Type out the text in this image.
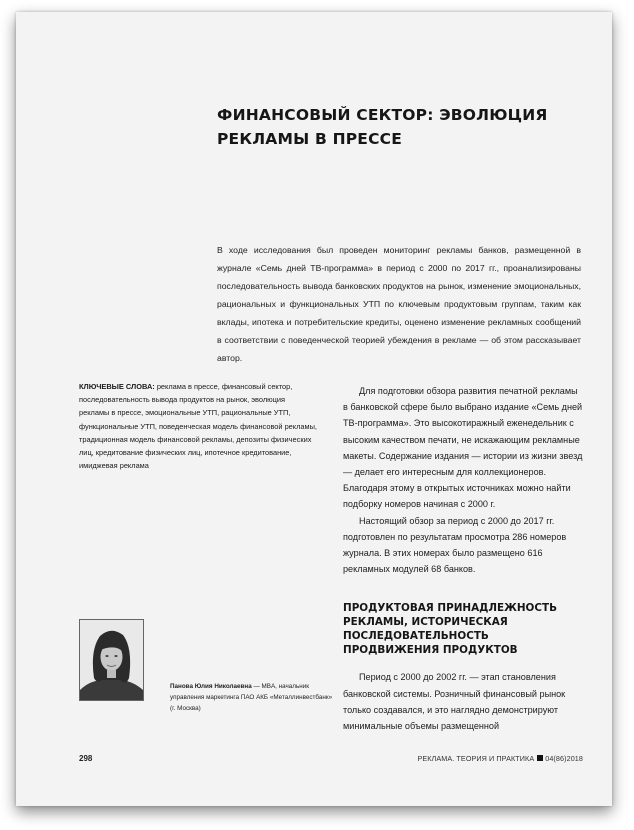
ФИНАНСОВЫЙ СЕКТОР: ЭВОЛЮЦИЯ РЕКЛАМЫ В ПРЕССЕ
В ходе исследования был проведен мониторинг рекламы банков, размещенной в журнале «Семь дней ТВ-программа» в период с 2000 по 2017 гг., проанализированы последовательность вывода банковских продуктов на рынок, изменение эмоциональных, рациональных и функциональных УТП по ключевым продуктовым группам, таким как вклады, ипотека и потребительские кредиты, оценено изменение рекламных сообщений в соответствии с поведенческой теорией убеждения в рекламе — об этом рассказывает автор.
КЛЮЧЕВЫЕ СЛОВА: реклама в прессе, финансовый сектор, последовательность вывода продуктов на рынок, эволюция рекламы в прессе, эмоциональные УТП, рациональные УТП, функциональные УТП, поведенческая модель финансовой рекламы, традиционная модель финансовой рекламы, депозиты физических лиц, кредитование физических лиц, ипотечное кредитование, имиджевая реклама

Для подготовки обзора развития печатной рекламы в банковской сфере было выбрано издание «Семь дней ТВ-программа». Это высокотиражный еженедельник с высоким качеством печати, не искажающим рекламные макеты. Содержание издания — истории из жизни звезд — делает его интересным для коллекционеров. Благодаря этому в открытых источниках можно найти подборку номеров начиная с 2000 г.

Настоящий обзор за период с 2000 до 2017 гг. подготовлен по результатам просмотра 286 номеров журнала. В этих номерах было размещено 616 рекламных модулей 68 банков.

ПРОДУКТОВАЯ ПРИНАДЛЕЖНОСТЬ РЕКЛАМЫ, ИСТОРИЧЕСКАЯ ПОСЛЕДОВАТЕЛЬНОСТЬ ПРОДВИЖЕНИЯ ПРОДУКТОВ

Период с 2000 до 2002 гг. — этап становления банковской системы. Розничный финансовый рынок только создавался, и это наглядно демонстрируют минимальные объемы размещенной

Панова Юлия Николаевна — MBA, начальник управления маркетинга ПАО АКБ «Металлинвестбанк» (г. Москва)
298	РЕКЛАМА. ТЕОРИЯ И ПРАКТИКА 04(86)2018
